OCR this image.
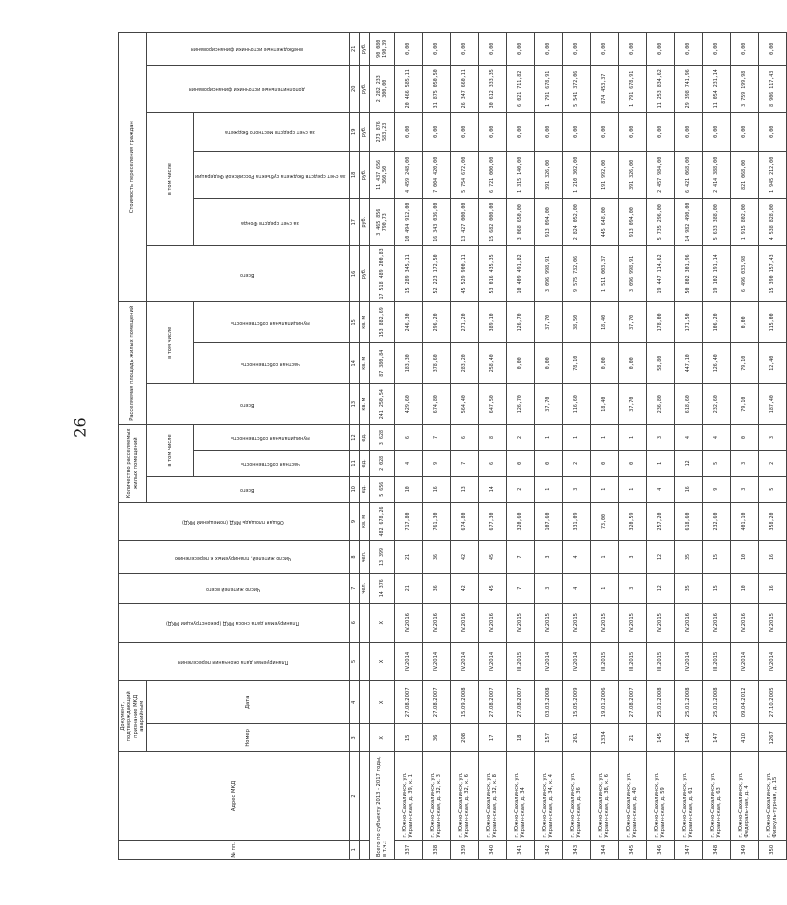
26
№ пп.	Адрес МКД	Документ, подтверждающий признание МКД аварийным		Планируемая дата окончания переселения	Планируемая дата сноса МКД (реконструкции МКД)	Число жителей всего	Число жителей, планируемых к переселению	Общая площадь МКД (помещений МКД)	Количество расселяемых жилых помещений			Расселяемая площадь жилых помещений			Стоимость переселения граждан					
		Номер	Дата						Всего	в том числе		Всего	в том числе		Всего	в том числе			дополнительные источники финансирования	внебюджетные источники финансирования
										частная собственность	муниципальная собственность		частная собственность	муниципальная собственность		за счет средств Фонда	за счет средств бюджета субъекта Российской Федерации	за счет средств местного бюджета		
1	2	3	4	5	6	7	8	9	10	11	12	13	14	15	16	17	18	19	20	21
						чел.	чел.	кв. м	ед.	ед.	ед.	кв. м	кв. м	кв. м	руб.	руб.	руб.	руб.	руб.	руб.
Всего по субъекту 2013 - 2017 годы, в т.ч.:		X	X	X	X	14 376	13 399	482 678,26	5 656	2 028	3 628	241 250,54	87 380,84	153 882,69	17 518 489 200,83	3 465 856 790,73	11 437 656 360,50	273 876 583,23	2 282 233 300,00	90 080 190,39
337	г. Южно-Сахалинск, ул. Украин-ская, д. 39, к. 1	15	27.08.2007	IV.2014	IV.2016	21	21	717,80	10	4	6	429,60	183,30	246,30	15 289 345,11	10 494 912,00	4 459 248,00	0,00	20 466 585,11	0,00
338	г. Южно-Сахалинск, ул. Украин-ская, д. 32, к. 3	36	27.08.2007	IV.2014	IV.2016	36	36	761,30	16	9	7	674,80	378,60	296,20	52 223 172,50	16 343 036,00	7 004 420,00	0,00	31 875 050,50	0,00
339	г. Южно-Сахалинск, ул. Украин-ская, д. 32, к. 6	208	15.09.2008	IV.2014	IV.2016	42	42	674,80	13	7	6	564,40	283,20	271,20	45 529 900,11	13 427 000,00	5 754 672,00	0,00	26 347 660,11	0,00
340	г. Южно-Сахалинск, ул. Украин-ская, д. 32, к. 8	17	27.08.2007	IV.2014	IV.2016	45	45	677,30	14	6	8	647,50	258,40	389,10	53 016 435,35	15 682 000,00	6 721 000,00	0,00	30 612 333,35	0,00
341	г. Южно-Сахалинск, ул. Украин-ская, д. 34	18	27.08.2007	III.2015	IV.2015	7	7	320,60	2	0	2	126,70	0,00	126,70	10 409 491,82	3 068 650,00	1 315 140,00	0,00	6 021 711,82	0,00
342	г. Южно-Сахалинск, ул. Украин-ская, д. 34, к. 4	157	03.03.2008	IV.2014	IV.2015	3	3	107,60	1	0	1	37,70	0,00	37,70	3 096 998,91	913 094,00	391 326,00	0,00	1 791 678,91	0,00
343	г. Южно-Сахалинск, ул. Украин-ская, д. 36	261	15.05.2009	IV.2014	IV.2015	4	4	331,09	3	2	1	116,60	78,10	38,50	9 575 732,06	2 824 052,00	1 210 302,00	0,00	5 541 372,06	0,00
344	г. Южно-Сахалинск, ул. Украин-ская, д. 38, к. 6	1334	19.01.2006	III.2015	IV.2015	1	1	73,00	1	0	1	18,40	0,00	18,40	1 511 003,37	445 648,00	191 992,00	0,00	874 453,37	0,00
345	г. Южно-Сахалинск, ул. Украин-ская, д. 40	21	27.08.2007	III.2015	IV.2015	3	3	320,59	1	0	1	37,70	0,00	37,70	3 096 998,91	913 094,00	391 326,00	0,00	1 791 678,91	0,00
346	г. Южно-Сахалинск, ул. Украин-ская, д. 59	145	25.01.2008	III.2015	IV.2015	12	12	257,20	4	1	3	236,80	58,80	178,00	19 447 114,62	5 735 296,00	2 457 984,00	0,00	11 253 834,62	0,00
347	г. Южно-Сахалинск, ул. Украин-ская, д. 61	146	25.01.2008	IV.2014	IV.2016	35	35	618,60	16	12	4	618,60	447,10	171,50	50 802 301,96	14 982 490,00	6 421 068,00	0,00	29 398 741,96	0,00
348	г. Южно-Сахалинск, ул. Украин-ская, д. 63	147	25.01.2008	III.2015	IV.2016	15	15	232,60	9	5	4	232,60	126,40	106,20	19 102 191,14	5 633 388,00	2 414 388,00	0,00	11 054 231,14	0,00
349	г. Южно-Сахалинск, ул. Федераль-ная, д. 4	410	09.04.2012	IV.2014	IV.2016	10	10	401,10	3	3	0	79,10	79,10	0,00	6 496 033,98	1 915 802,00	821 068,00	0,00	3 759 199,98	0,00
350	г. Южно-Сахалинск, ул. Физкуль-турная, д. 15	1267	27.10.2005	IV.2014	IV.2015	16	16	358,20	5	2	3	187,40	12,40	115,00	15 390 157,43	4 538 828,00	1 945 212,00	0,00	8 906 117,43	0,00
